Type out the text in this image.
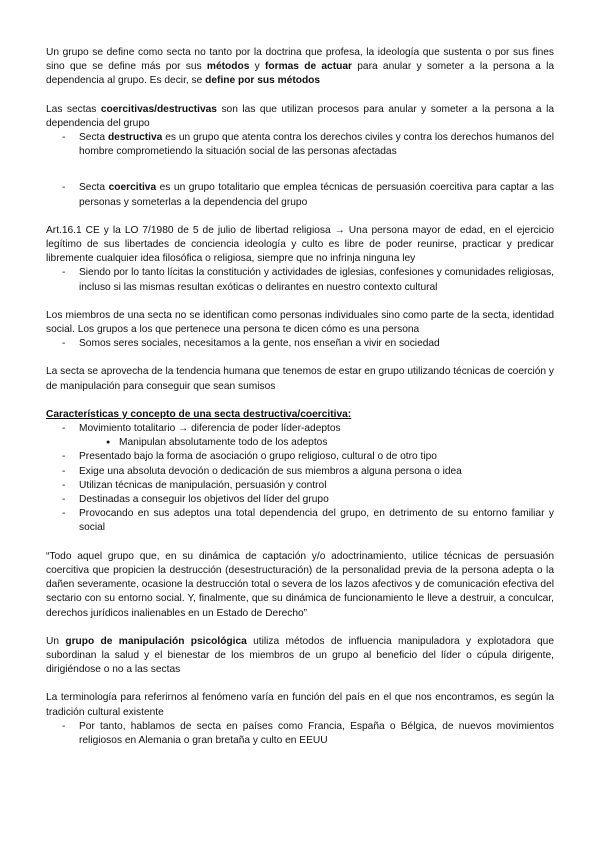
Un grupo se define como secta no tanto por la doctrina que profesa, la ideología que sustenta o por sus fines sino que se define más por sus métodos y formas de actuar para anular y someter a la persona a la dependencia al grupo. Es decir, se define por sus métodos

Las sectas coercitivas/destructivas son las que utilizan procesos para anular y someter a la persona a la dependencia del grupo

- Secta destructiva es un grupo que atenta contra los derechos civiles y contra los derechos humanos del hombre comprometiendo la situación social de las personas afectadas
- Secta coercitiva es un grupo totalitario que emplea técnicas de persuasión coercitiva para captar a las personas y someterlas a la dependencia del grupo

Art.16.1 CE y la LO 7/1980 de 5 de julio de libertad religiosa → Una persona mayor de edad, en el ejercicio legítimo de sus libertades de conciencia ideología y culto es libre de poder reunirse, practicar y predicar libremente cualquier idea filosófica o religiosa, siempre que no infrinja ninguna ley

- Siendo por lo tanto lícitas la constitución y actividades de iglesias, confesiones y comunidades religiosas, incluso si las mismas resultan exóticas o delirantes en nuestro contexto cultural

Los miembros de una secta no se identifican como personas individuales sino como parte de la secta, identidad social. Los grupos a los que pertenece una persona te dicen cómo es una persona

- Somos seres sociales, necesitamos a la gente, nos enseñan a vivir en sociedad

La secta se aprovecha de la tendencia humana que tenemos de estar en grupo utilizando técnicas de coerción y de manipulación para conseguir que sean sumisos

Características y concepto de una secta destructiva/coercitiva:

- Movimiento totalitario → diferencia de poder líder-adeptos
● Manipulan absolutamente todo de los adeptos
- Presentado bajo la forma de asociación o grupo religioso, cultural o de otro tipo
- Exige una absoluta devoción o dedicación de sus miembros a alguna persona o idea
- Utilizan técnicas de manipulación, persuasión y control
- Destinadas a conseguir los objetivos del líder del grupo
- Provocando en sus adeptos una total dependencia del grupo, en detrimento de su entorno familiar y social

“Todo aquel grupo que, en su dinámica de captación y/o adoctrinamiento, utilice técnicas de persuasión coercitiva que propicien la destrucción (desestructuración) de la personalidad previa de la persona adepta o la dañen severamente, ocasione la destrucción total o severa de los lazos afectivos y de comunicación efectiva del sectario con su entorno social. Y, finalmente, que su dinámica de funcionamiento le lleve a destruir, a conculcar, derechos jurídicos inalienables en un Estado de Derecho”

Un grupo de manipulación psicológica utiliza métodos de influencia manipuladora y explotadora que subordinan la salud y el bienestar de los miembros de un grupo al beneficio del líder o cúpula dirigente, dirigiéndose o no a las sectas

La terminología para referirnos al fenómeno varía en función del país en el que nos encontramos, es según la tradición cultural existente

- Por tanto, hablamos de secta en países como Francia, España o Bélgica, de nuevos movimientos religiosos en Alemania o gran bretaña y culto en EEUU
